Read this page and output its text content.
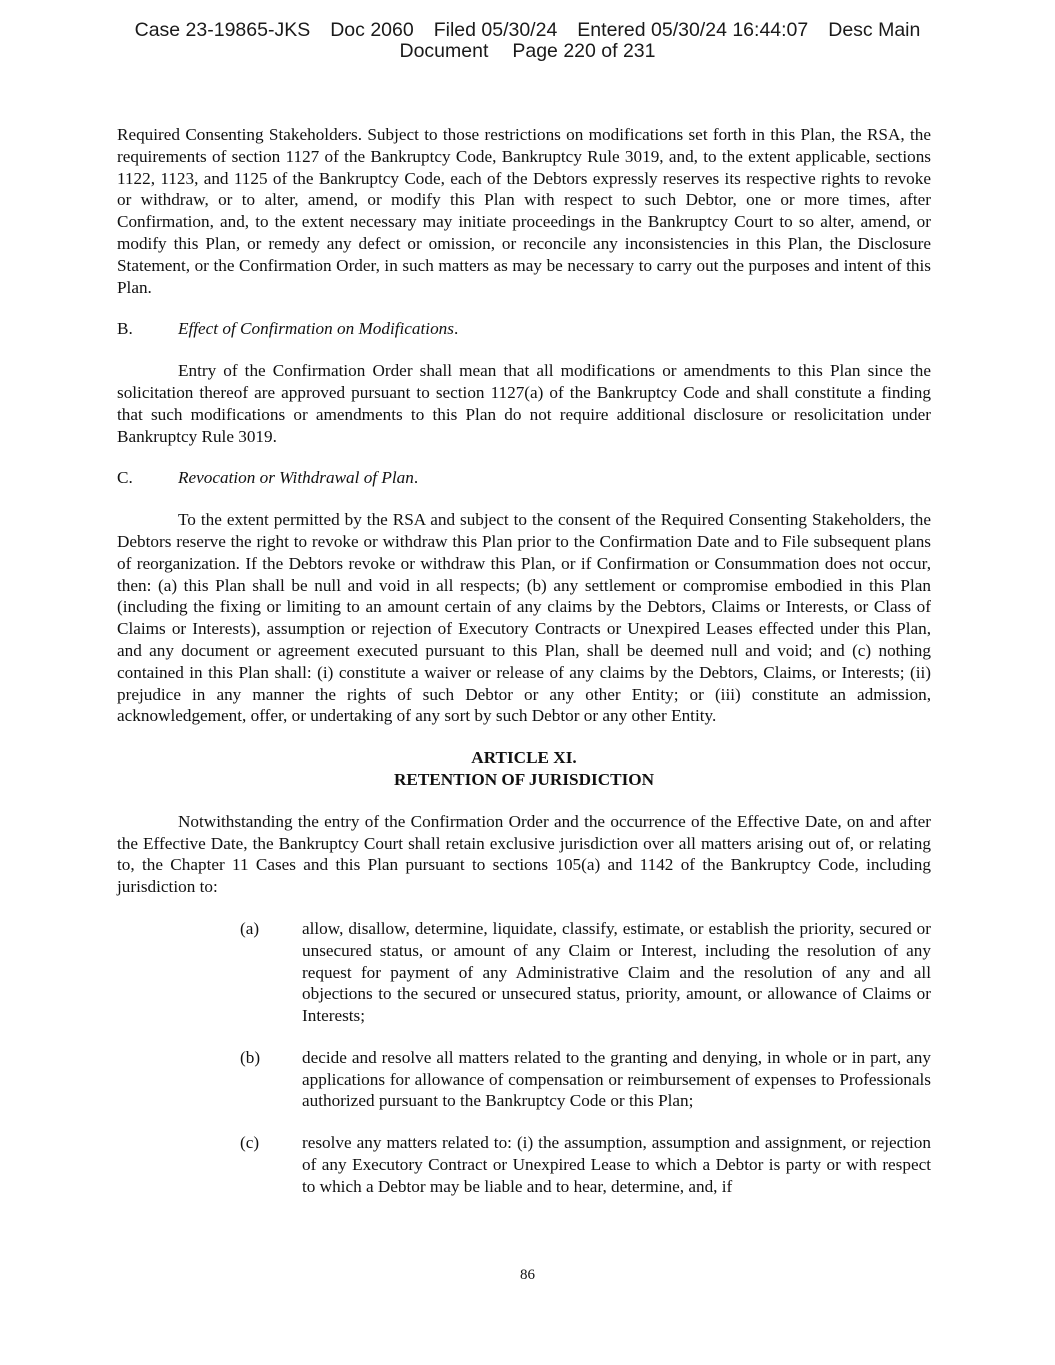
Case 23-19865-JKS Doc 2060 Filed 05/30/24 Entered 05/30/24 16:44:07 Desc Main
Document Page 220 of 231

Required Consenting Stakeholders. Subject to those restrictions on modifications set forth in this Plan, the RSA, the requirements of section 1127 of the Bankruptcy Code, Bankruptcy Rule 3019, and, to the extent applicable, sections 1122, 1123, and 1125 of the Bankruptcy Code, each of the Debtors expressly reserves its respective rights to revoke or withdraw, or to alter, amend, or modify this Plan with respect to such Debtor, one or more times, after Confirmation, and, to the extent necessary may initiate proceedings in the Bankruptcy Court to so alter, amend, or modify this Plan, or remedy any defect or omission, or reconcile any inconsistencies in this Plan, the Disclosure Statement, or the Confirmation Order, in such matters as may be necessary to carry out the purposes and intent of this Plan.

B.	Effect of Confirmation on Modifications.

Entry of the Confirmation Order shall mean that all modifications or amendments to this Plan since the solicitation thereof are approved pursuant to section 1127(a) of the Bankruptcy Code and shall constitute a finding that such modifications or amendments to this Plan do not require additional disclosure or resolicitation under Bankruptcy Rule 3019.

C.	Revocation or Withdrawal of Plan.

To the extent permitted by the RSA and subject to the consent of the Required Consenting Stakeholders, the Debtors reserve the right to revoke or withdraw this Plan prior to the Confirmation Date and to File subsequent plans of reorganization. If the Debtors revoke or withdraw this Plan, or if Confirmation or Consummation does not occur, then: (a) this Plan shall be null and void in all respects; (b) any settlement or compromise embodied in this Plan (including the fixing or limiting to an amount certain of any claims by the Debtors, Claims or Interests, or Class of Claims or Interests), assumption or rejection of Executory Contracts or Unexpired Leases effected under this Plan, and any document or agreement executed pursuant to this Plan, shall be deemed null and void; and (c) nothing contained in this Plan shall: (i) constitute a waiver or release of any claims by the Debtors, Claims, or Interests; (ii) prejudice in any manner the rights of such Debtor or any other Entity; or (iii) constitute an admission, acknowledgement, offer, or undertaking of any sort by such Debtor or any other Entity.

ARTICLE XI.
RETENTION OF JURISDICTION

Notwithstanding the entry of the Confirmation Order and the occurrence of the Effective Date, on and after the Effective Date, the Bankruptcy Court shall retain exclusive jurisdiction over all matters arising out of, or relating to, the Chapter 11 Cases and this Plan pursuant to sections 105(a) and 1142 of the Bankruptcy Code, including jurisdiction to:

(a)	allow, disallow, determine, liquidate, classify, estimate, or establish the priority, secured or unsecured status, or amount of any Claim or Interest, including the resolution of any request for payment of any Administrative Claim and the resolution of any and all objections to the secured or unsecured status, priority, amount, or allowance of Claims or Interests;
(b)	decide and resolve all matters related to the granting and denying, in whole or in part, any applications for allowance of compensation or reimbursement of expenses to Professionals authorized pursuant to the Bankruptcy Code or this Plan;
(c)	resolve any matters related to: (i) the assumption, assumption and assignment, or rejection of any Executory Contract or Unexpired Lease to which a Debtor is party or with respect to which a Debtor may be liable and to hear, determine, and, if
86
